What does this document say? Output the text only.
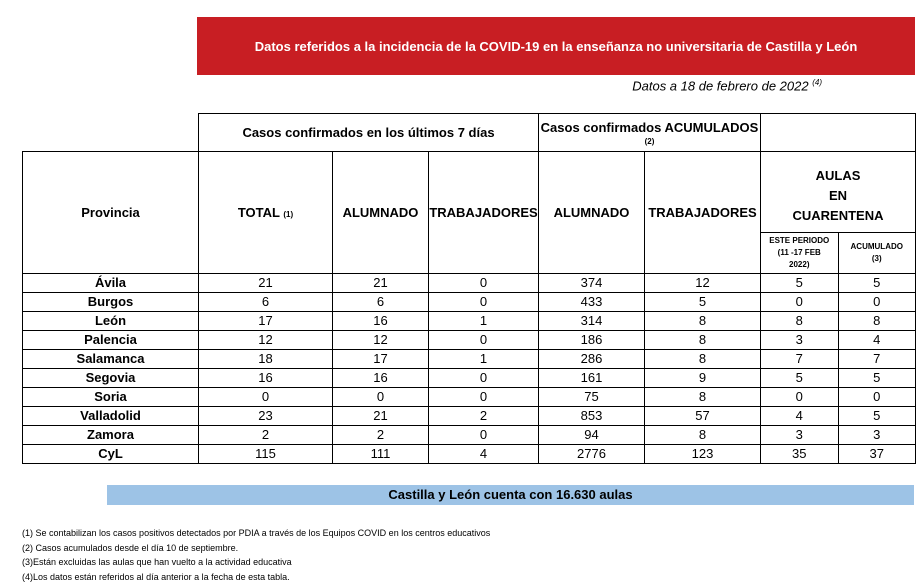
Datos referidos a la incidencia de la COVID-19 en la enseñanza no universitaria de Castilla y León
Datos a 18 de febrero de 2022 $^{(4)}$
	Casos confirmados en los últimos 7 días	Casos confirmados ACUMULADOS
(2)

Provincia	TOTAL (1)	ALUMNADO	TRABAJADORES	ALUMNADO	TRABAJADORES	
AULAS
EN
CUARENTENA
ESTE PERIODO
(11 -17 FEB
2022)	ACUMULADO
(3)

Ávila	21	21	0	374	12		5	5

Burgos	6	6	0	433	5		0	0

León	17	16	1	314	8		8	8

Palencia	12	12	0	186	8		3	4

Salamanca	18	17	1	286	8		7	7

Segovia	16	16	0	161	9		5	5

Soria	0	0	0	75	8		0	0

Valladolid	23	21	2	853	57		4	5

Zamora	2	2	0	94	8		3	3

CyL	115	111	4	2776	123		35	37
Castilla y León cuenta con 16.630 aulas
(1) Se contabilizan los casos positivos detectados por PDIA a través de los Equipos COVID en los centros educativos
(2) Casos acumulados desde el día 10 de septiembre.
(3)Están excluidas las aulas que han vuelto a la actividad educativa
(4)Los datos están referidos al día anterior a la fecha de esta tabla.
